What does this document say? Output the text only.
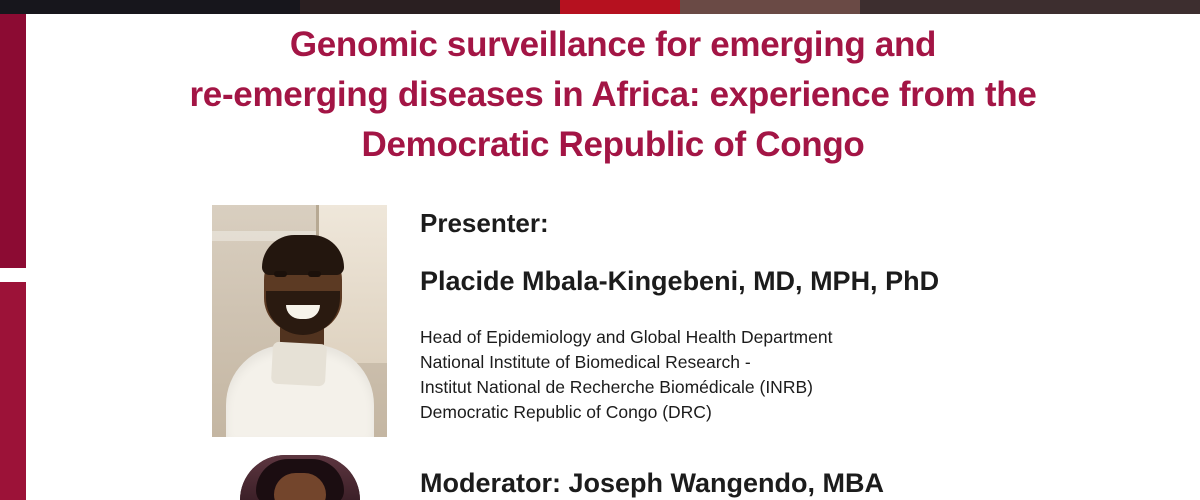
Genomic surveillance for emerging and
re-emerging diseases in Africa: experience from the
Democratic Republic of Congo
Presenter:
Placide Mbala-Kingebeni, MD, MPH, PhD
Head of Epidemiology and Global Health Department
National Institute of Biomedical Research -
Institut National de Recherche Biomédicale (INRB)
Democratic Republic of Congo (DRC)
Moderator: Joseph Wangendo, MBA
